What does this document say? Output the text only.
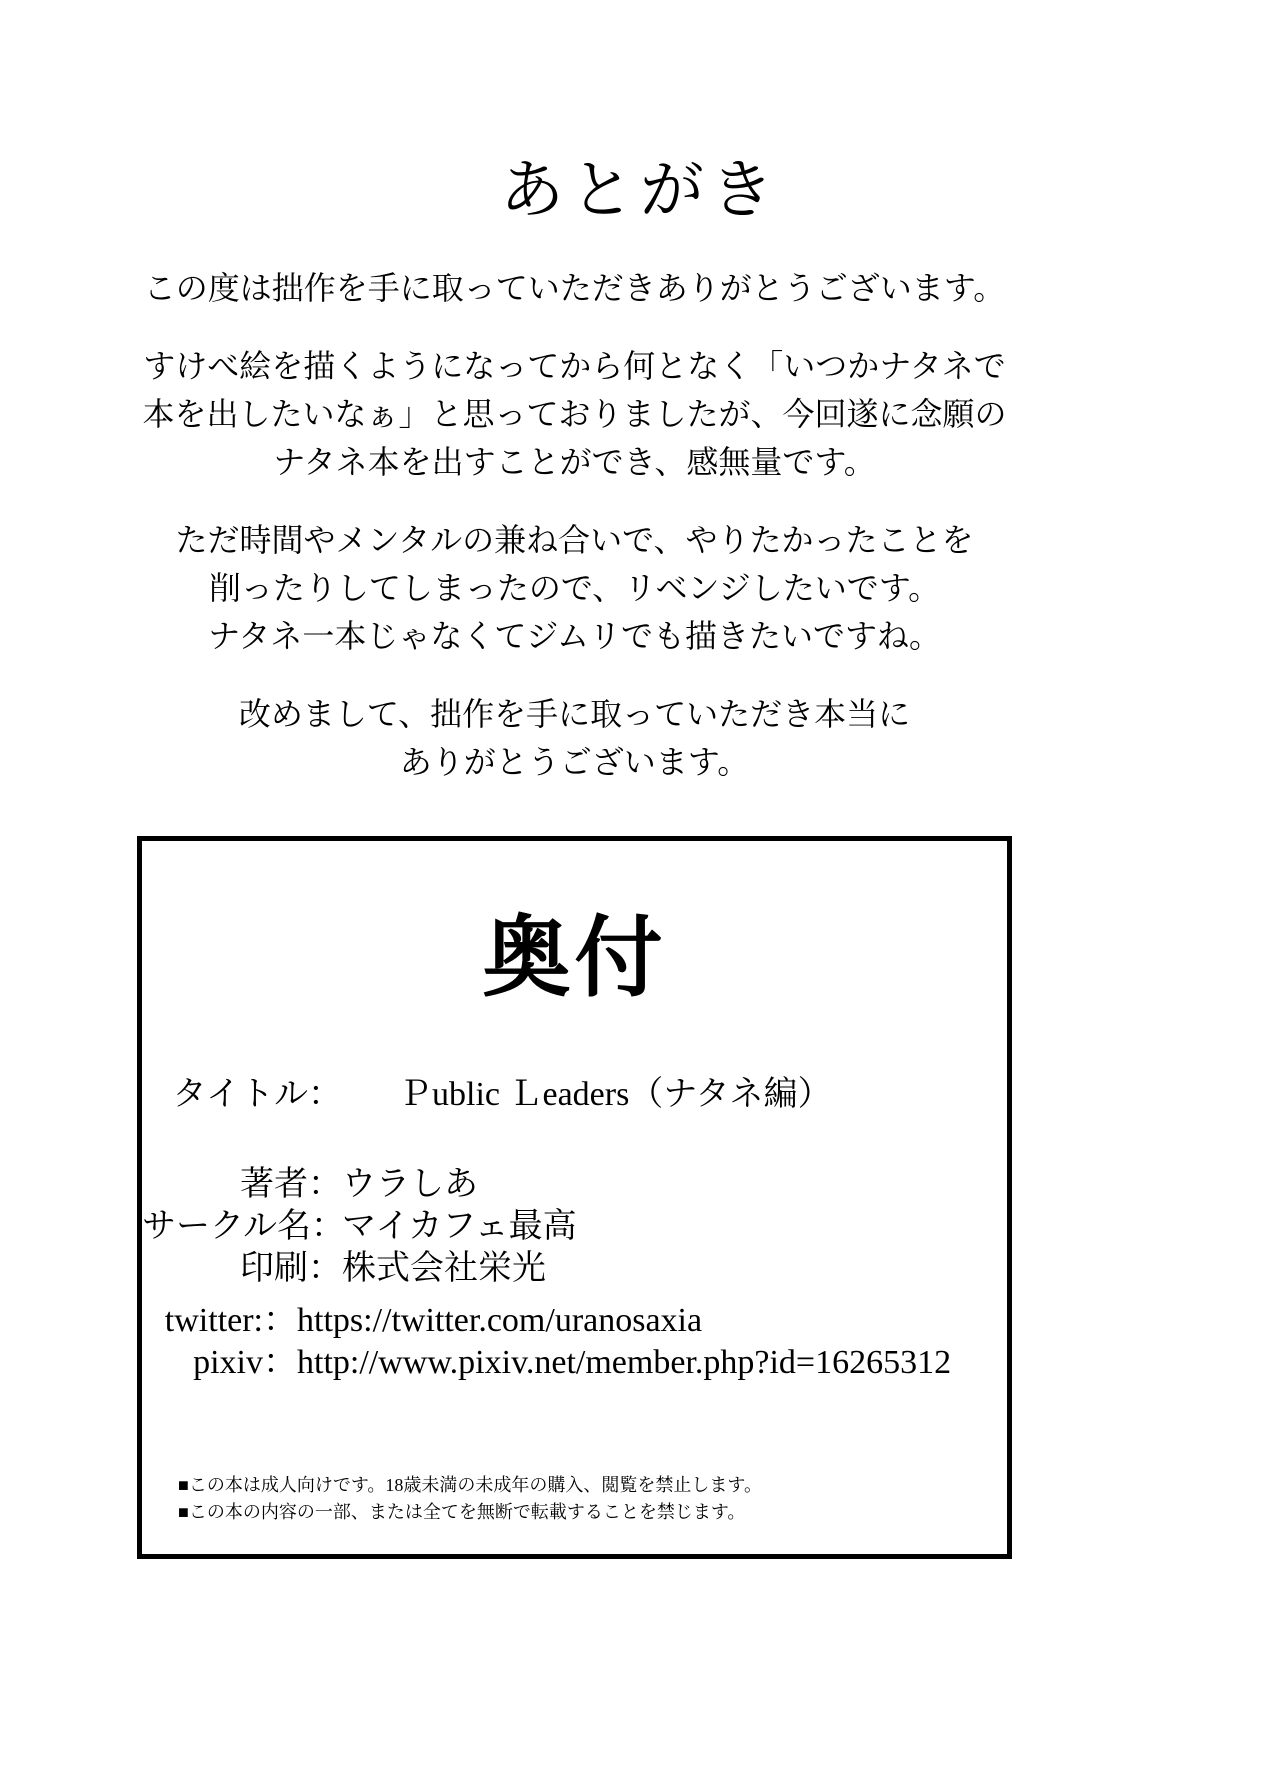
あとがき

この度は拙作を手に取っていただきありがとうございます。

すけべ絵を描くようになってから何となく「いつかナタネで
本を出したいなぁ」と思っておりましたが、今回遂に念願の
ナタネ本を出すことができ、感無量です。

ただ時間やメンタルの兼ね合いで、やりたかったことを
削ったりしてしまったので、リベンジしたいです。
ナタネ一本じゃなくてジムリでも描きたいですね。

改めまして、拙作を手に取っていただき本当に
ありがとうございます。

奥付
タイトル：	Ｐublic Ｌeaders（ナタネ編）
著者： ウラしあ
サークル名：
マイカフェ最高
印刷： 株式会社栄光
twitter:： https://twitter.com/uranosaxia
pixiv： http://www.pixiv.net/member.php?id=16265312
■この本は成人向けです。18歳未満の未成年の購入、閲覧を禁止します。
■この本の内容の一部、または全てを無断で転載することを禁じます。
